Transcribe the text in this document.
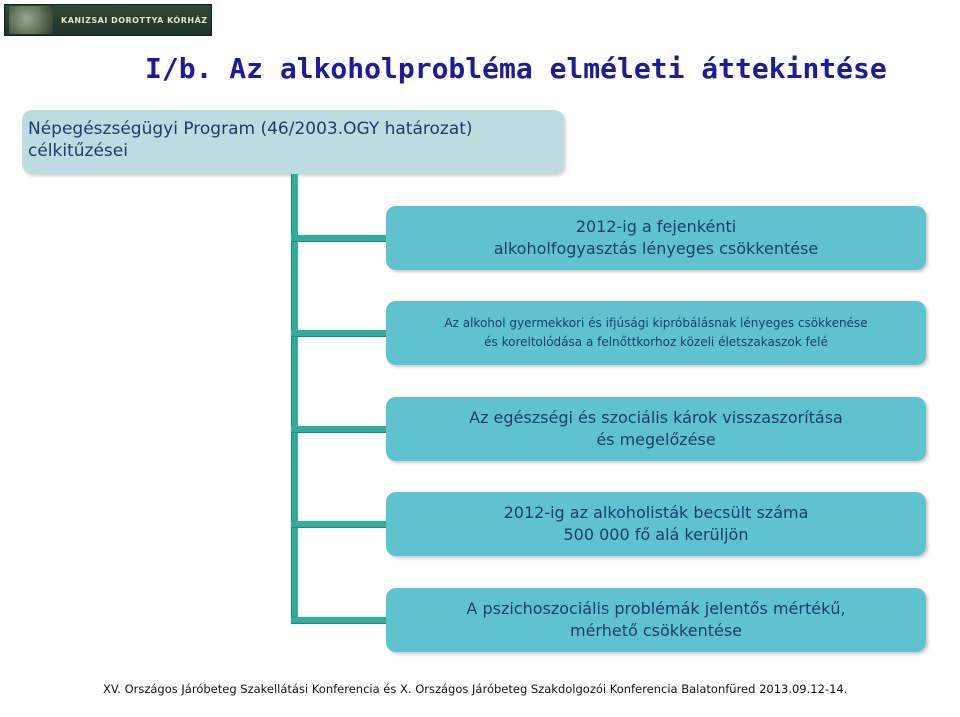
KANIZSAI DOROTTYA KÓRHÁZ
I/b. Az alkoholprobléma elméleti áttekintése
Népegészségügyi Program (46/2003.OGY határozat)
célkitűzései
2012-ig a fejenkénti
alkoholfogyasztás lényeges csökkentése
Az alkohol gyermekkori és ifjúsági kipróbálásnak lényeges csökkenése
és koreltolódása a felnőttkorhoz közeli életszakaszok felé
Az egészségi és szociális károk visszaszorítása
és megelőzése
2012-ig az alkoholisták becsült száma
500 000 fő alá kerüljön
A pszichoszociális problémák jelentős mértékű,
mérhető csökkentése
XV. Országos Járóbeteg Szakellátási Konferencia és X. Országos Járóbeteg Szakdolgozói Konferencia Balatonfüred 2013.09.12-14.
